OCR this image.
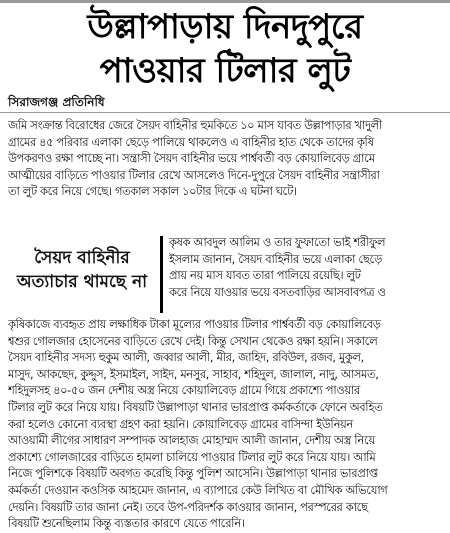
উল্লাপাড়ায় দিনদুপুরে
পাওয়ার টিলার লুট
সিরাজগঞ্জ প্রতিনিধি
জমি সংক্রান্ত বিরোধের জেরে সৈয়দ বাহিনীর হুমকিতে ১০ মাস যাবত উল্লাপাড়ার খাদুলী
গ্রামের ৪৫ পরিবার এলাকা ছেড়ে পালিয়ে থাকলেও এ বাহিনীর হাত থেকে তাদের কৃষি
উপকরণও রক্ষা পাচ্ছে না। সন্ত্রাসী সৈয়দ বাহিনীর ভয়ে পার্শ্ববর্তী বড় কোয়ালিবেড় গ্রামে
আত্মীয়ের বাড়িতে পাওয়ার টিলার রেখে আসলেও দিনে-দুপুরে সৈয়দ বাহিনীর সন্ত্রাসীরা
তা লুট করে নিয়ে গেছে। গতকাল সকাল ১০টার দিকে এ ঘটনা ঘটে।
সৈয়দ বাহিনীর
অত্যাচার থামছে না
কৃষক আবদুল আলিম ও তার ফুফাতো ভাই শরীফুল
ইসলাম জানান, সৈয়দ বাহিনীর ভয়ে এলাকা ছেড়ে
প্রায় নয় মাস যাবত তারা পালিয়ে রয়েছি। লুট
করে নিয়ে যাওয়ার ভয়ে বসতবাড়ির আসবাবপত্র ও
কৃষিকাজে ব্যবহৃত প্রায় লক্ষাধিক টাকা মূল্যের পাওয়ার টিলার পার্শ্ববর্তী বড় কোয়ালিবেড়
শ্বশুর গোলজার হোসেনের বাড়িতে রেখে দেই। কিন্তু সেখান থেকেও রক্ষা হয়নি। সকালে
সৈয়দ বাহিনীর সদস্য হুকুম আলী, জব্বার আলী, মীর, জাহিদ, রবিউল, রজব, মুকুল,
মাসুদ, আকছেদ, কুদ্দুস, ইসমাইল, সাইদ, মনসুর, সাহাব, শহিদুল, জালাল, নাদু, আসমত,
শহিদুলসহ ৪০-৫০ জন দেশীয় অস্ত্র নিয়ে কোয়ালিবেড় গ্রামে গিয়ে প্রকাশ্যে পাওয়ার
টিলার লুট করে নিয়ে যায়। বিষয়টি উল্লাপাড়া থানার ভারপ্রাপ্ত কর্মকর্তাকে ফোনে অবহিত
করা হলেও কোনো ব্যবস্থা গ্রহণ করা হয়নি। কোয়ালিবেড় গ্রামের বাসিন্দা ইউনিয়ন
আওয়ামী লীগের সাধারণ সম্পাদক আলহাজ মোহাম্মদ আলী জানান, দেশীয় অস্ত্র নিয়ে
প্রকাশ্যে গোলজারের বাড়িতে হামলা চালিয়ে পাওয়ার টিলার লুট করে নিয়ে যায়। আমি
নিজে পুলিশকে বিষয়টি অবগত করেছি কিন্তু পুলিশ আসেনি। উল্লাপাড়া থানার ভারপ্রাপ্ত
কর্মকর্তা দেওয়ান কওসিক আহমেদ জানান, এ ব্যাপারে কেউ লিখিত বা মৌখিক অভিযোগ
দেয়নি। বিষয়টি তার জানা নেই। তবে উপ-পরিদর্শক কাওয়ার জানান, পরস্পরের কাছে
বিষয়টি শুনেছিলাম কিন্তু ব্যস্ততার কারণে যেতে পারেনি।
